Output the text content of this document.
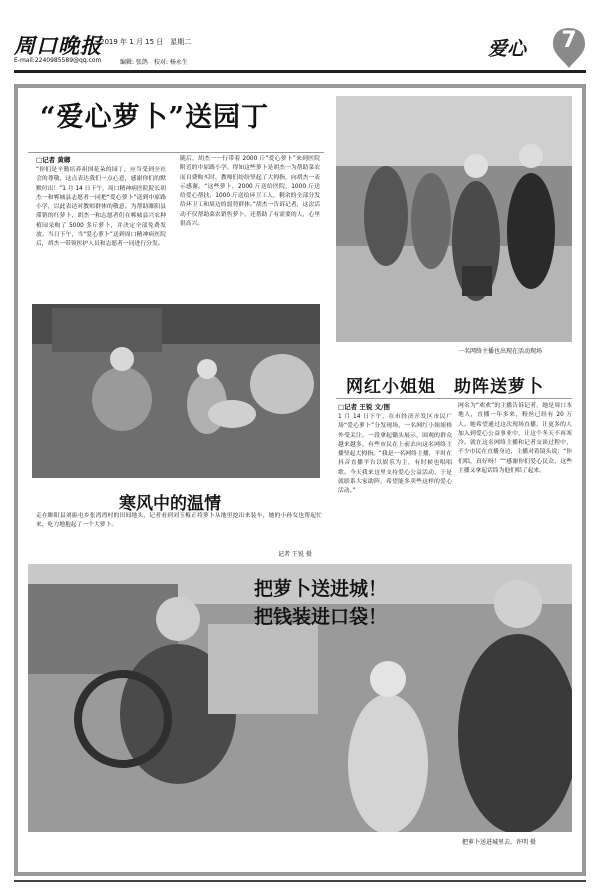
周口晚报
2019 年 1 月 15 日　星期二
E-mail:2240985589@qq.com	编辑: 张鸽　校对: 杨永生
爱心	7
“爱心萝卜”送园丁
□记者 黄卿
“你们是辛勤培养祖国花朵的园丁，应当受到全社会的尊敬，这点表达我们一点心意，感谢你们的默默付出！”1 月 14 日下午，周口精神病医院院长胡杰一和郸城县志愿者一同把“爱心萝卜”送到中原路小学，以此表达对教师群体的敬意。为帮助睢阳县滞销的红萝卜，胡杰一和志愿者们在郸城县兴农种植园采购了 5000 多斤萝卜，并决定全部免费发放。当日下午，当“爱心萝卜”送到周口精神病医院后，胡杰一带领医护人员和志愿者一同进行分发。
随后，胡杰一一行带着 2000 斤“爱心萝卜”来到医院附近的中原路小学。得知这些萝卜是胡杰一为帮助菜农而自费购买时，教师们纷纷竖起了大拇指，向胡杰一表示感谢。“这些萝卜，2000 斤送给医院，1000 斤送给爱心帮扶，1000 斤送给环卫工人，剩余的全部分发给环卫工和周边的弱势群体。”胡杰一告诉记者，这次活动不仅帮助菜农销售萝卜，还帮助了有需要的人，心里很高兴。
一名网络主播也出现在活动现场
寒风中的温情
走在睢阳县刘振屯乡张湾湾村的田间地头，记者看到刘玉梅正将萝卜从地里挖出来装车，她的小孙女也帮起忙来，吃力地抱起了一个大萝卜。
记者 王锐 摄
网红小姐姐　助阵送萝卜
□记者 王锐 文/图
1 月 14 日下午，在市经济开发区市民广场“爱心萝卜”分发现场，一名网红小姐姐格外受关注。一段拿起锄头展示，围观的群众越来越多，有些市民在上前去向这名网络主播竖起大拇指。“我是一名网络主播，平时在抖音直播平台以娱乐为主，有时候也唱唱歌。今天我来这里支持爱心公益活动，于是就联系大家助阵，希望能多卖些这样的爱心活动。”
网名为“欢欢”的主播告诉记者，她是周口本地人，直播一年多来，粉丝已经有 20 万人。她希望通过这次现场直播，让更多的人加入到爱心公益事业中，让这个冬天不再寒冷。就在这名网络主播和记者交谈过程中，不少市民在直播身边，主播对着镜头说：“你们唱，真好呀！”“感谢你们爱心民众，这些主播又拿起话筒为他们唱了起来。
把萝卜送进城！
把钱装进口袋！
把萝卜送进城里去。许明 摄
